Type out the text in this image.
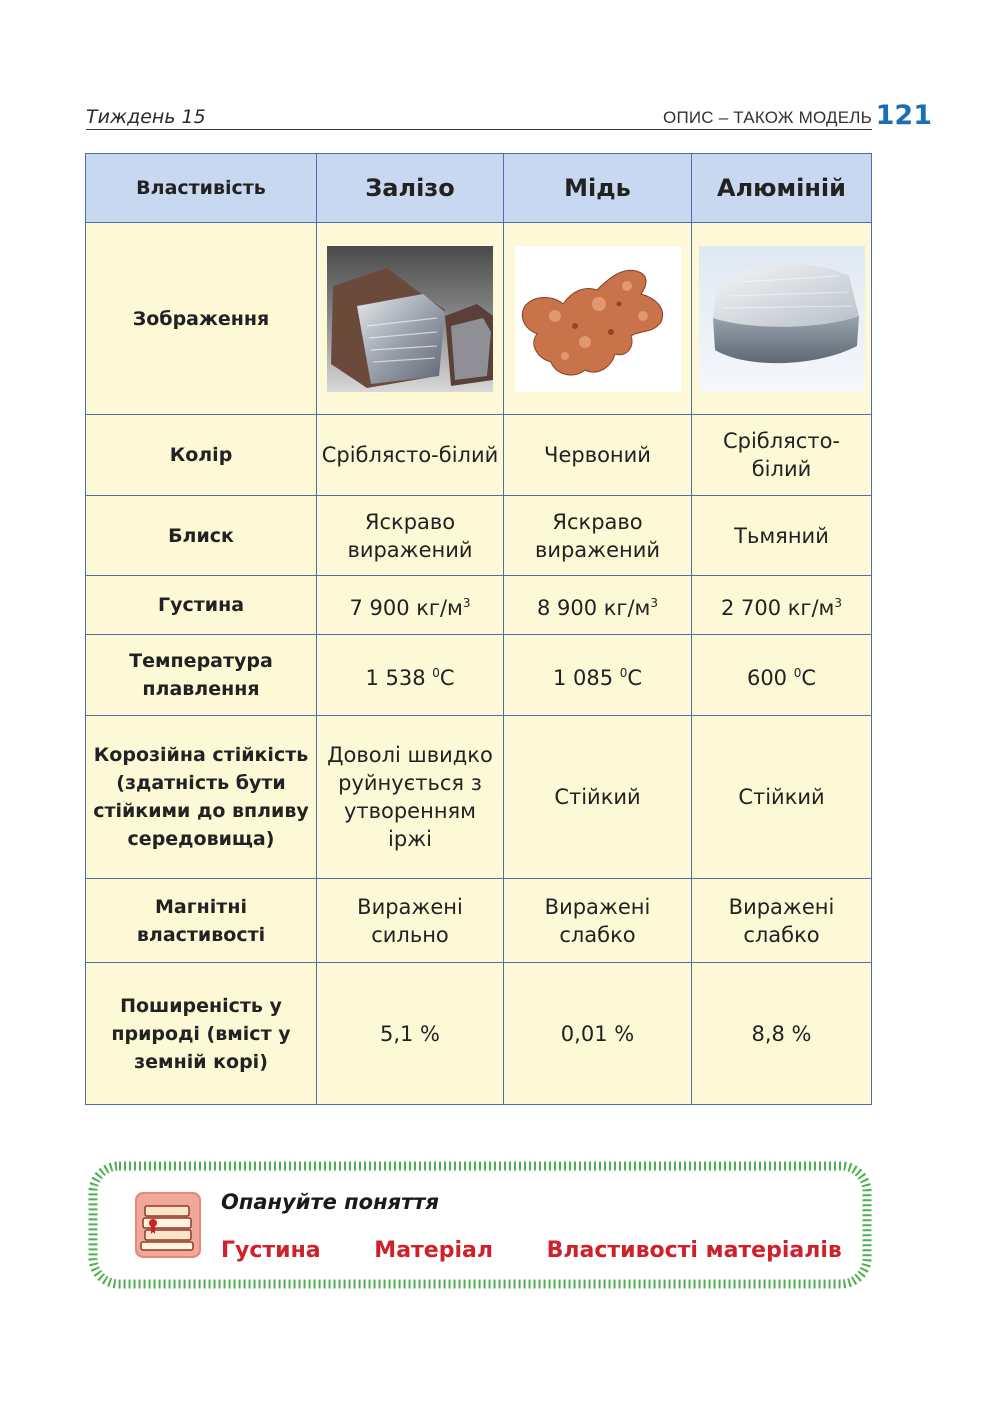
Тиждень 15	ОПИС – ТАКОЖ МОДЕЛЬ 121
Властивість	Залізо	Мідь	Алюміній
Зображення	

Колір	Сріблясто-білий	Червоний	Сріблясто-білий
Блиск	Яскраво виражений	Яскраво виражений	Тьмяний
Густина	7 900 $кг/м^3$	8 900 $кг/м^3$	2 700 $кг/м^3$
Температура плавлення	1 538 $^0$С	1 085 $^0$С	600 $^0$С
Корозійна стійкість (здатність бути стійкими до впливу середовища)	Доволі швидко руйнується з утворенням іржі	Стійкий	Стійкий
Магнітні властивості	Виражені сильно	Виражені слабко	Виражені слабко
Поширеність у природі (вміст у земній корі)	5,1 %	0,01 %	8,8 %
Опануйте поняття
Густина Матеріал Властивості матеріалів
